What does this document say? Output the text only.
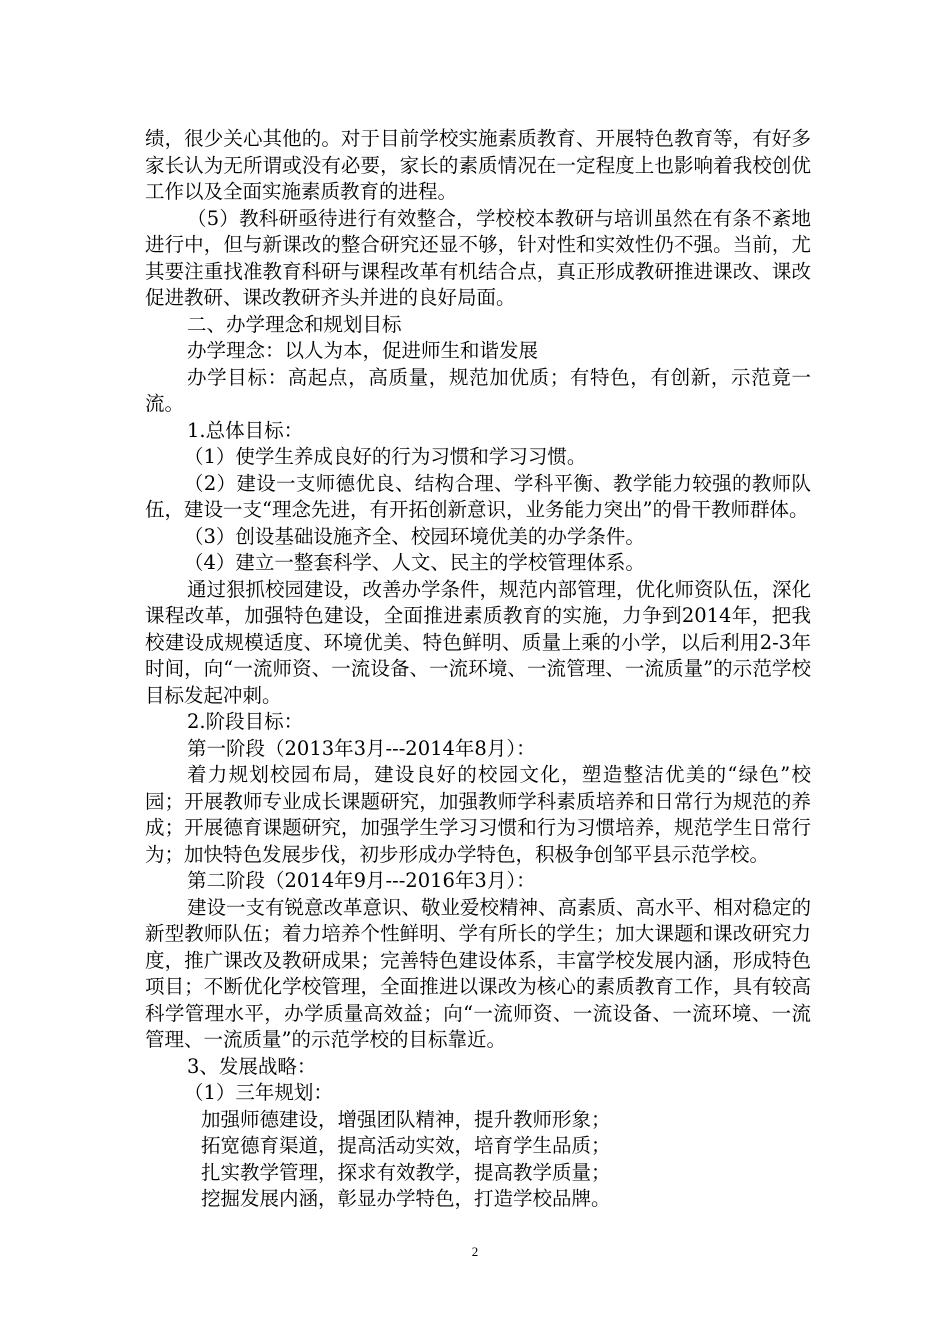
绩，很少关心其他的。对于目前学校实施素质教育、开展特色教育等，有好多家长认为无所谓或没有必要，家长的素质情况在一定程度上也影响着我校创优工作以及全面实施素质教育的进程。

（5）教科研亟待进行有效整合，学校校本教研与培训虽然在有条不紊地进行中，但与新课改的整合研究还显不够，针对性和实效性仍不强。当前，尤其要注重找准教育科研与课程改革有机结合点，真正形成教研推进课改、课改促进教研、课改教研齐头并进的良好局面。

二、办学理念和规划目标

办学理念：以人为本，促进师生和谐发展

办学目标：高起点，高质量，规范加优质；有特色，有创新，示范竟一流。

1.总体目标：

（1）使学生养成良好的行为习惯和学习习惯。

（2）建设一支师德优良、结构合理、学科平衡、教学能力较强的教师队伍，建设一支“理念先进，有开拓创新意识，业务能力突出”的骨干教师群体。

（3）创设基础设施齐全、校园环境优美的办学条件。

（4）建立一整套科学、人文、民主的学校管理体系。

通过狠抓校园建设，改善办学条件，规范内部管理，优化师资队伍，深化课程改革，加强特色建设，全面推进素质教育的实施，力争到2014年，把我校建设成规模适度、环境优美、特色鲜明、质量上乘的小学，以后利用2-3年时间，向“一流师资、一流设备、一流环境、一流管理、一流质量”的示范学校目标发起冲刺。

2.阶段目标：

第一阶段（2013年3月---2014年8月）：

着力规划校园布局，建设良好的校园文化，塑造整洁优美的“绿色”校园；开展教师专业成长课题研究，加强教师学科素质培养和日常行为规范的养成；开展德育课题研究，加强学生学习习惯和行为习惯培养，规范学生日常行为；加快特色发展步伐，初步形成办学特色，积极争创邹平县示范学校。

第二阶段（2014年9月---2016年3月）：

建设一支有锐意改革意识、敬业爱校精神、高素质、高水平、相对稳定的新型教师队伍；着力培养个性鲜明、学有所长的学生；加大课题和课改研究力度，推广课改及教研成果；完善特色建设体系，丰富学校发展内涵，形成特色项目；不断优化学校管理，全面推进以课改为核心的素质教育工作，具有较高科学管理水平，办学质量高效益；向“一流师资、一流设备、一流环境、一流管理、一流质量”的示范学校的目标靠近。

3、发展战略：

（1）三年规划：

加强师德建设，增强团队精神，提升教师形象；

拓宽德育渠道，提高活动实效，培育学生品质；

扎实教学管理，探求有效教学，提高教学质量；

挖掘发展内涵，彰显办学特色，打造学校品牌。

2
